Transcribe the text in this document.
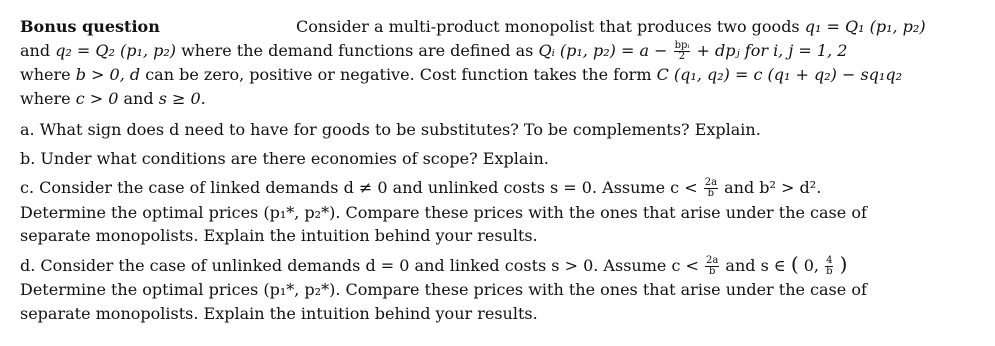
Bonus question	Consider a multi-product monopolist that produces two goods q₁ = Q₁ (p₁, p₂)
and q₂ = Q₂ (p₁, p₂) where the demand functions are defined as Qᵢ (p₁, $p_2) = a - \frac{\text{bpᵢ}}{2}$ + dpⱼ for i, j = 1, 2
where b > 0, d can be zero, positive or negative. Cost function takes the form C (q₁, q₂) = c (q₁ + q₂) − sq₁q₂
where c > 0 and s ≥ 0.
a. What sign does d need to have for goods to be substitutes? To be complements? Explain.
b. Under what conditions are there economies of scope? Explain.
c. Consider the case of linked demands d ≠ 0 and unlinked costs s = 0. Assume $c < \frac{2a}{b}$ and b² > d².
Determine the optimal prices (p₁*, p₂*). Compare these prices with the ones that arise under the case of
separate monopolists. Explain the intuition behind your results.
d. Consider the case of unlinked demands d = 0 and linked costs s > 0. Assume $c < \frac{2a}{b}$ and s ∈ ( 0, $\frac{4}{b}$ )
Determine the optimal prices (p₁*, p₂*). Compare these prices with the ones that arise under the case of
separate monopolists. Explain the intuition behind your results.
